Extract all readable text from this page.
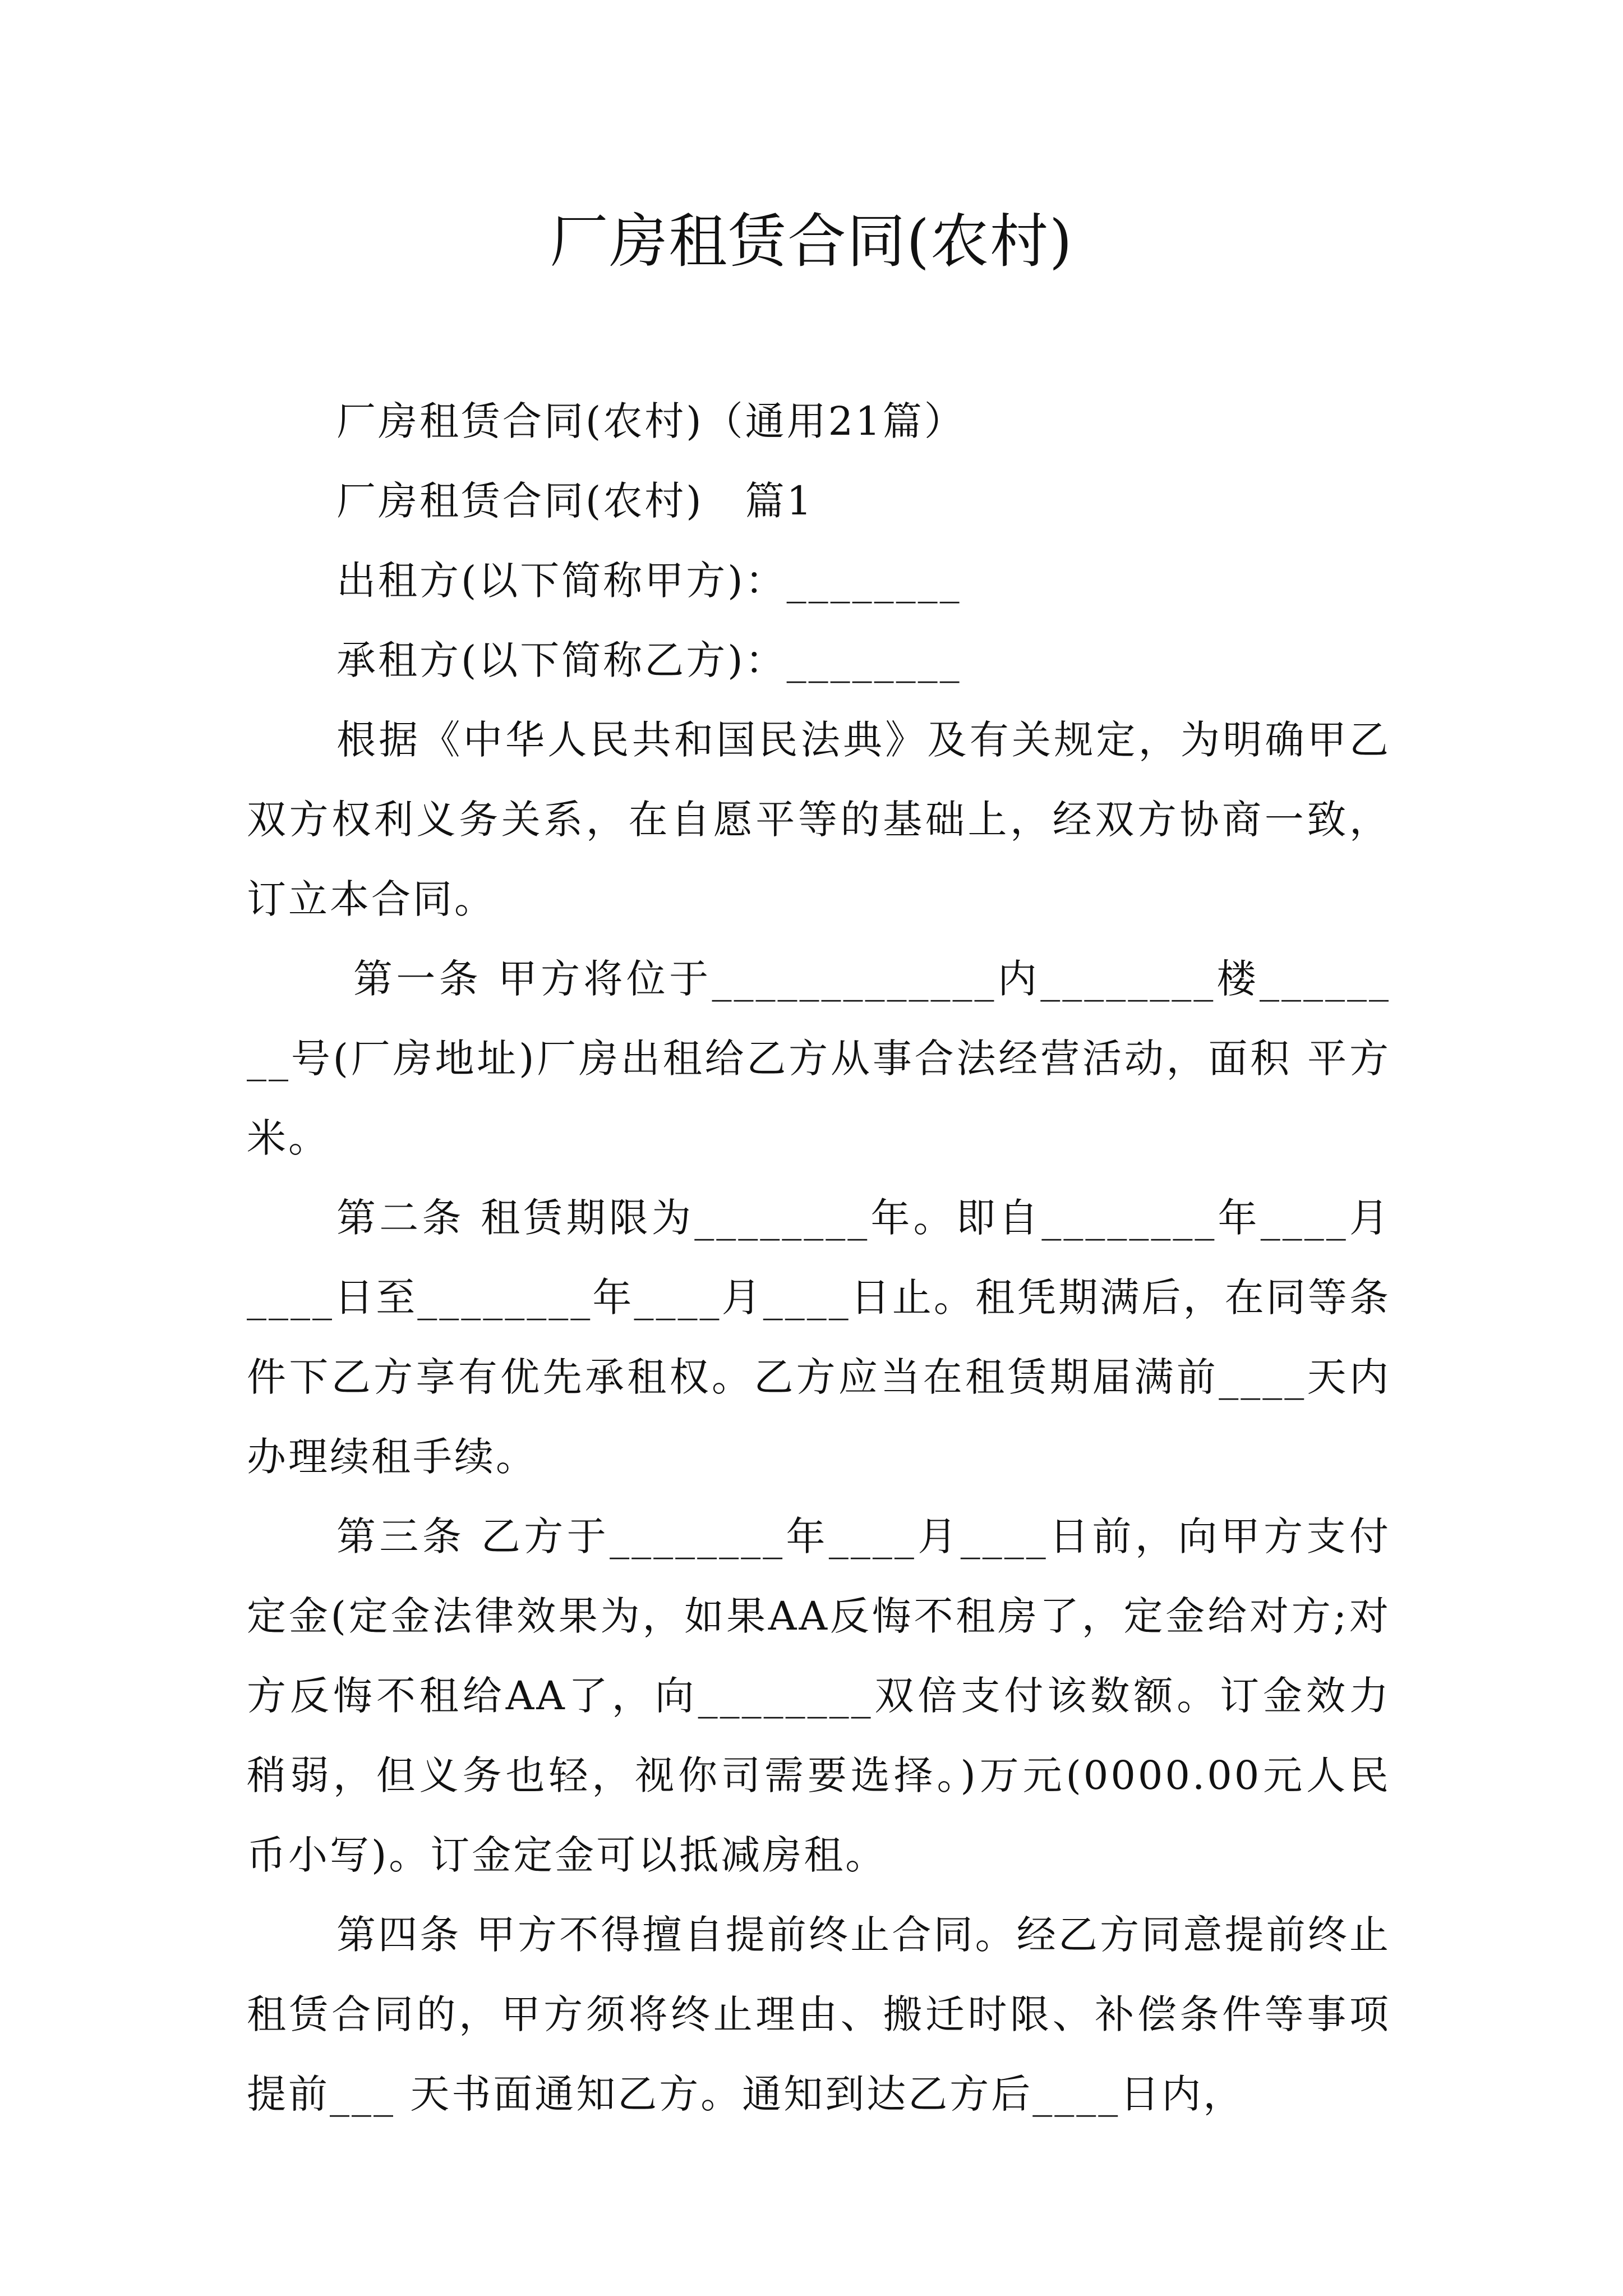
厂房租赁合同(农村)

厂房租赁合同(农村)（通用21篇）

厂房租赁合同(农村)　篇1

出租方(以下简称甲方)：________

承租方(以下简称乙方)：________

根据《中华人民共和国民法典》及有关规定，为明确甲乙双方权利义务关系，在自愿平等的基础上，经双方协商一致，订立本合同。

第一条 甲方将位于_____________内________楼________号(厂房地址)厂房出租给乙方从事合法经营活动，面积 平方米。

第二条 租赁期限为________年。即自________年____月____日至________年____月____日止。租凭期满后，在同等条件下乙方享有优先承租权。乙方应当在租赁期届满前____天内办理续租手续。

第三条 乙方于________年____月____日前，向甲方支付定金(定金法律效果为，如果AA反悔不租房了，定金给对方;对方反悔不租给AA了，向________双倍支付该数额。订金效力稍弱，但义务也轻，视你司需要选择。)万元(0000.00元人民币小写)。订金定金可以抵减房租。

第四条 甲方不得擅自提前终止合同。经乙方同意提前终止租赁合同的，甲方须将终止理由、搬迁时限、补偿条件等事项提前___ 天书面通知乙方。通知到达乙方后____日内，
